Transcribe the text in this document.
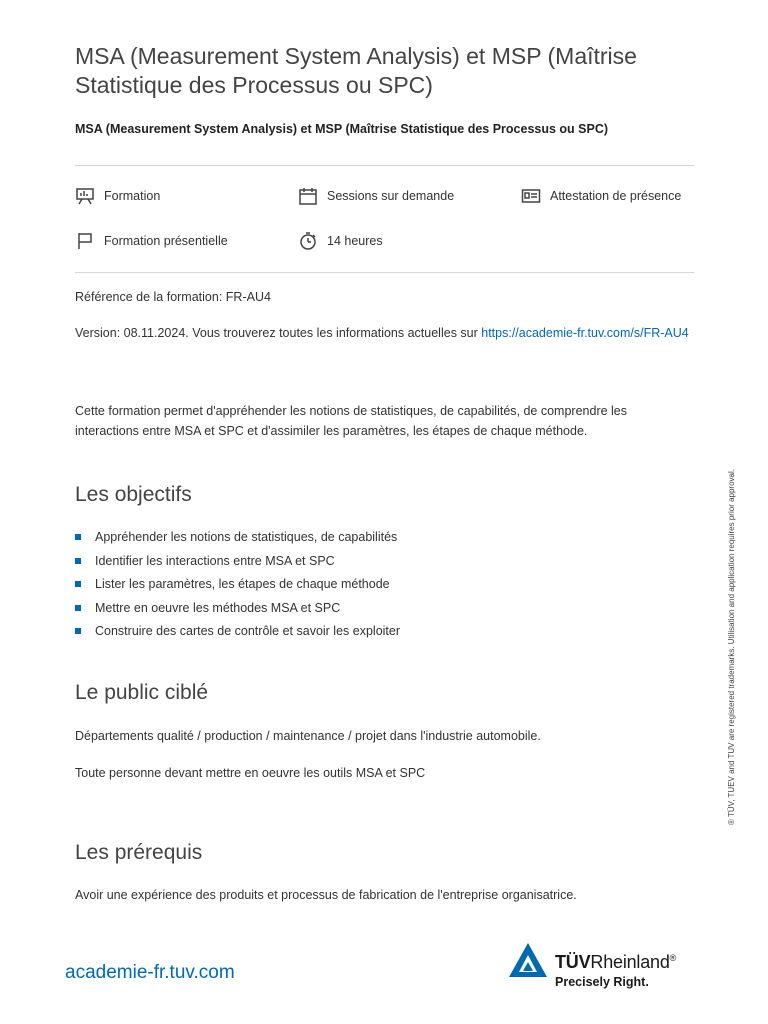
MSA (Measurement System Analysis) et MSP (Maîtrise Statistique des Processus ou SPC)

MSA (Measurement System Analysis) et MSP (Maîtrise Statistique des Processus ou SPC)

Formation	Sessions sur demande	Attestation de présence
Formation présentielle	14 heures

Référence de la formation: FR-AU4

Version: 08.11.2024. Vous trouverez toutes les informations actuelles sur https://academie-fr.tuv.com/s/FR-AU4

Cette formation permet d'appréhender les notions de statistiques, de capabilités, de comprendre les interactions entre MSA et SPC et d'assimiler les paramètres, les étapes de chaque méthode.

Les objectifs
Appréhender les notions de statistiques, de capabilités
Identifier les interactions entre MSA et SPC
Lister les paramètres, les étapes de chaque méthode
Mettre en oeuvre les méthodes MSA et SPC
Construire des cartes de contrôle et savoir les exploiter
Le public ciblé

Départements qualité / production / maintenance / projet dans l'industrie automobile.

Toute personne devant mettre en oeuvre les outils MSA et SPC

Les prérequis

Avoir une expérience des produits et processus de fabrication de l'entreprise organisatrice.

® TÜV, TUEV and TUV are registered trademarks. Utilisation and application requires prior approval.
academie-fr.tuv.com	TÜVRheinland®
Precisely Right.
